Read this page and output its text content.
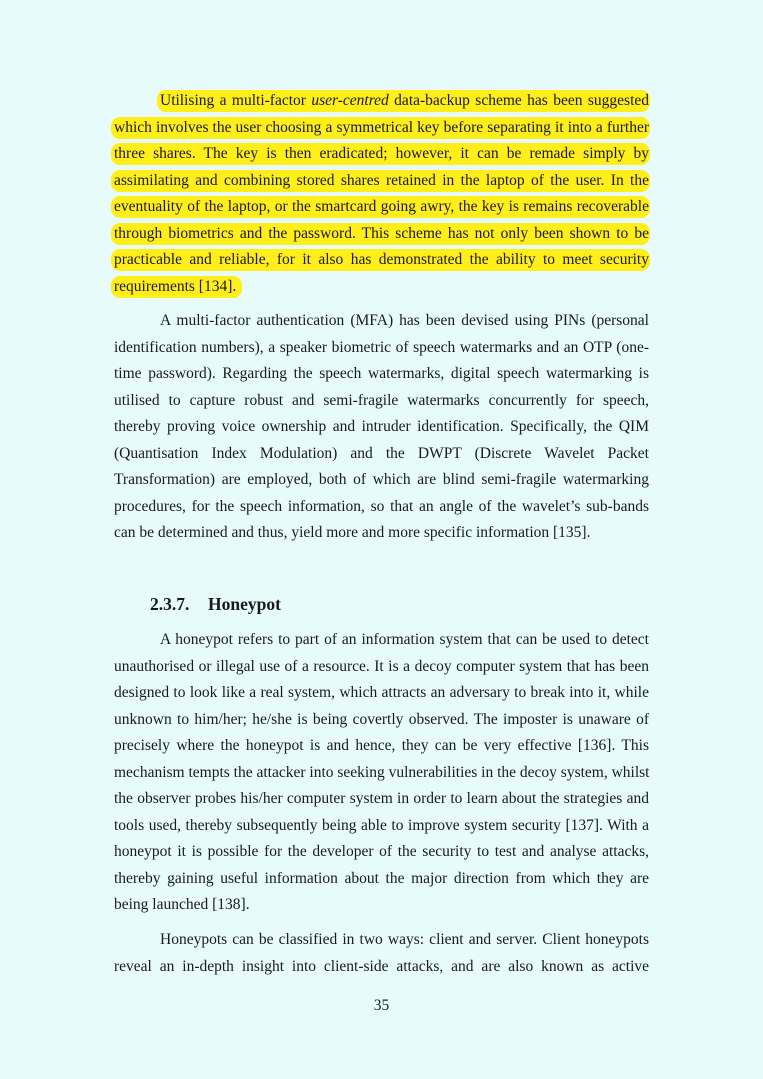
Utilising a multi-factor user-centred data-backup scheme has been suggested
which involves the user choosing a symmetrical key before separating it into a further
three shares. The key is then eradicated; however, it can be remade simply by
assimilating and combining stored shares retained in the laptop of the user. In the
eventuality of the laptop, or the smartcard going awry, the key is remains recoverable
through biometrics and the password. This scheme has not only been shown to be
practicable and reliable, for it also has demonstrated the ability to meet security
requirements [134].
A multi-factor authentication (MFA) has been devised using PINs (personal
identification numbers), a speaker biometric of speech watermarks and an OTP (one-
time password). Regarding the speech watermarks, digital speech watermarking is
utilised to capture robust and semi-fragile watermarks concurrently for speech,
thereby proving voice ownership and intruder identification. Specifically, the QIM
(Quantisation Index Modulation) and the DWPT (Discrete Wavelet Packet
Transformation) are employed, both of which are blind semi-fragile watermarking
procedures, for the speech information, so that an angle of the wavelet’s sub-bands
can be determined and thus, yield more and more specific information [135].
2.3.7. Honeypot
A honeypot refers to part of an information system that can be used to detect
unauthorised or illegal use of a resource. It is a decoy computer system that has been
designed to look like a real system, which attracts an adversary to break into it, while
unknown to him/her; he/she is being covertly observed. The imposter is unaware of
precisely where the honeypot is and hence, they can be very effective [136]. This
mechanism tempts the attacker into seeking vulnerabilities in the decoy system, whilst
the observer probes his/her computer system in order to learn about the strategies and
tools used, thereby subsequently being able to improve system security [137]. With a
honeypot it is possible for the developer of the security to test and analyse attacks,
thereby gaining useful information about the major direction from which they are
being launched [138].
Honeypots can be classified in two ways: client and server. Client honeypots
reveal an in-depth insight into client-side attacks, and are also known as active
35
